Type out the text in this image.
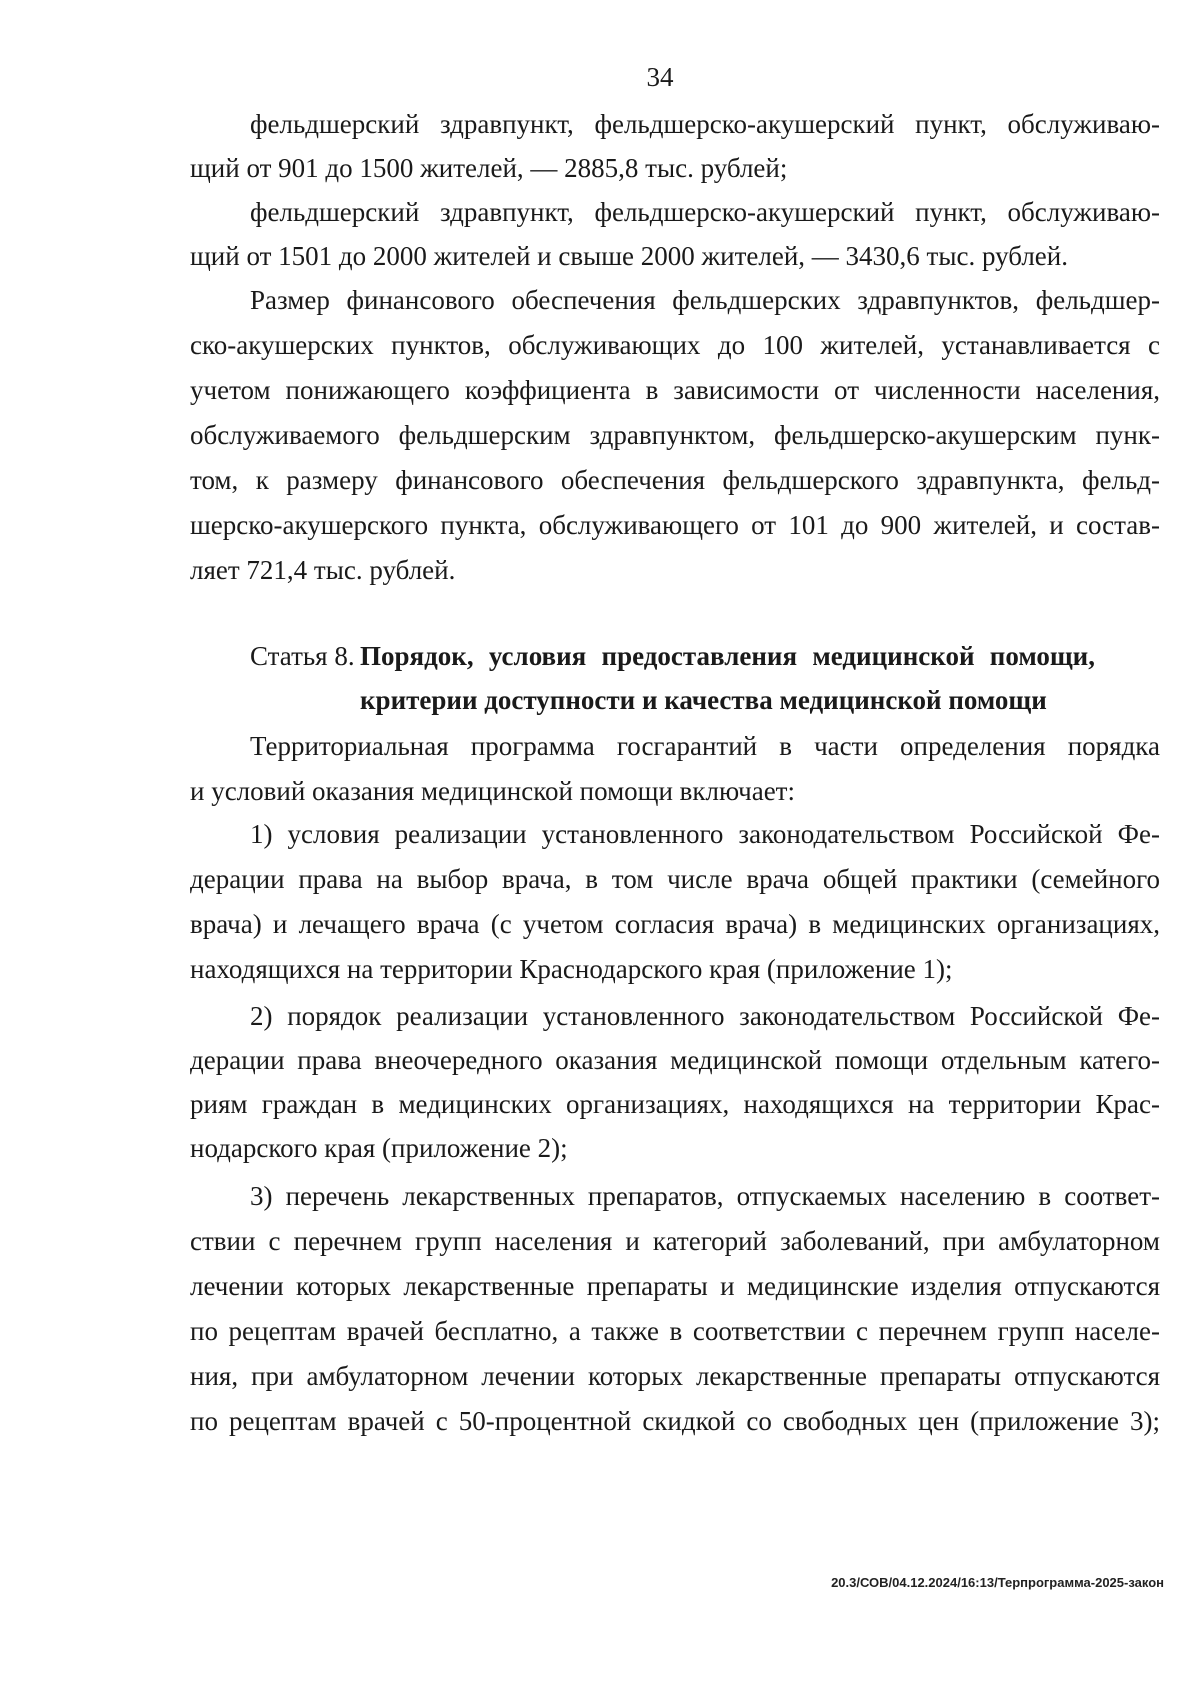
34
фельдшерский здравпункт, фельдшерско-акушерский пункт, обслуживаю-
щий от 901 до 1500 жителей, — 2885,8 тыс. рублей;
фельдшерский здравпункт, фельдшерско-акушерский пункт, обслуживаю-
щий от 1501 до 2000 жителей и свыше 2000 жителей, — 3430,6 тыс. рублей.
Размер финансового обеспечения фельдшерских здравпунктов, фельдшер-
ско-акушерских пунктов, обслуживающих до 100 жителей, устанавливается с
учетом понижающего коэффициента в зависимости от численности населения,
обслуживаемого фельдшерским здравпунктом, фельдшерско-акушерским пунк-
том, к размеру финансового обеспечения фельдшерского здравпункта, фельд-
шерско-акушерского пункта, обслуживающего от 101 до 900 жителей, и состав-
ляет 721,4 тыс. рублей.
Статья 8. Порядок, условия предоставления медицинской помощи,
критерии доступности и качества медицинской помощи
Территориальная программа госгарантий в части определения порядка
и условий оказания медицинской помощи включает:
1) условия реализации установленного законодательством Российской Фе-
дерации права на выбор врача, в том числе врача общей практики (семейного
врача) и лечащего врача (с учетом согласия врача) в медицинских организациях,
находящихся на территории Краснодарского края (приложение 1);
2) порядок реализации установленного законодательством Российской Фе-
дерации права внеочередного оказания медицинской помощи отдельным катего-
риям граждан в медицинских организациях, находящихся на территории Крас-
нодарского края (приложение 2);
3) перечень лекарственных препаратов, отпускаемых населению в соответ-
ствии с перечнем групп населения и категорий заболеваний, при амбулаторном
лечении которых лекарственные препараты и медицинские изделия отпускаются
по рецептам врачей бесплатно, а также в соответствии с перечнем групп населе-
ния, при амбулаторном лечении которых лекарственные препараты отпускаются
по рецептам врачей с 50-процентной скидкой со свободных цен (приложение 3);
20.3/СОВ/04.12.2024/16:13/Терпрограмма-2025-закон
